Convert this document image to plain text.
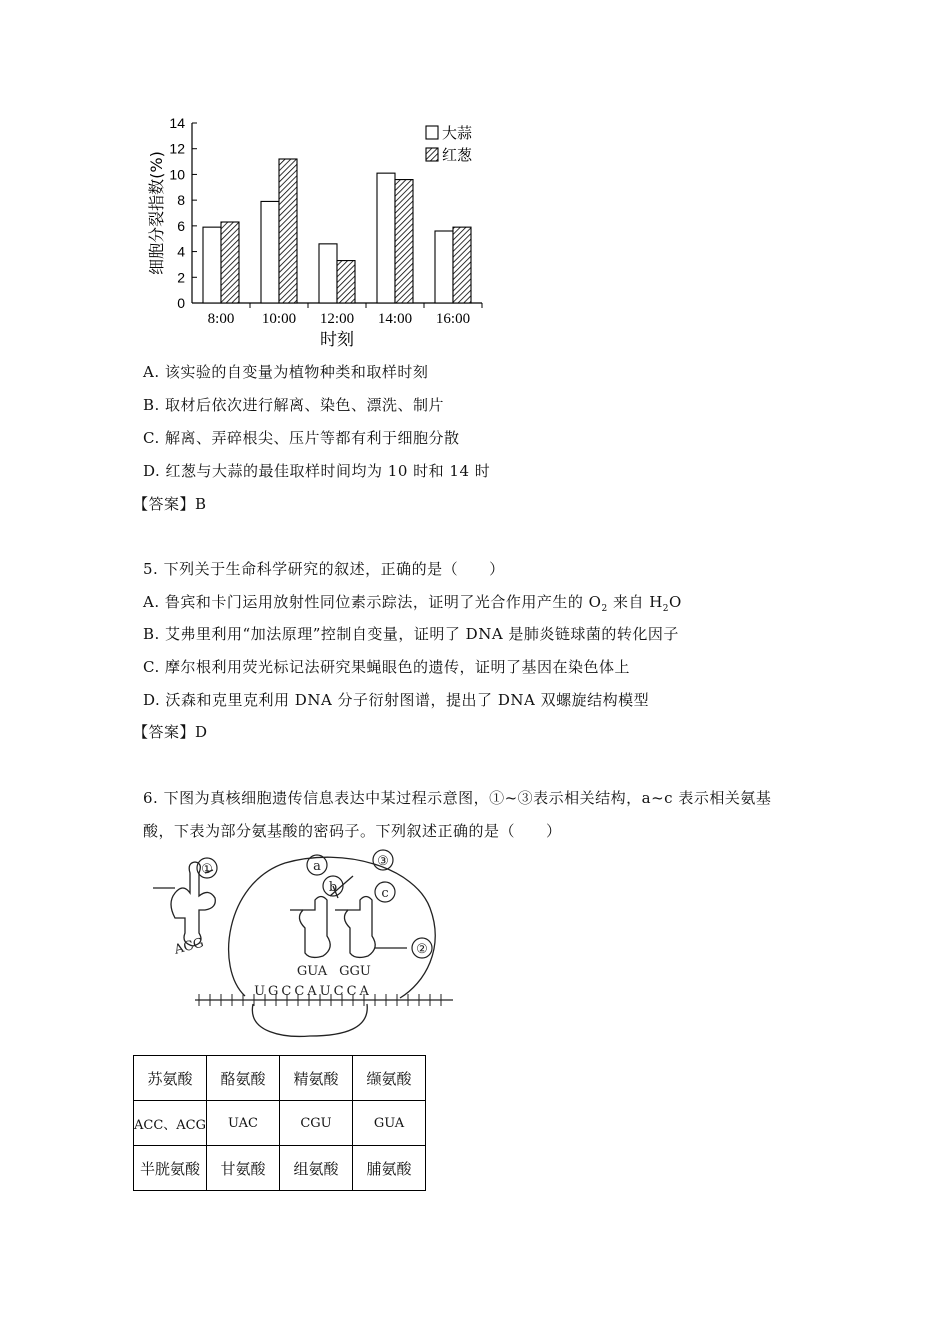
0
2
4
6
8
10
12
14
8:00 10:00 12:00 14:00 16:00
时刻
细胞分裂指数(%)
大蒜
红葱
A. 该实验的自变量为植物种类和取样时刻
B. 取材后依次进行解离、染色、漂洗、制片
C. 解离、弄碎根尖、压片等都有利于细胞分散
D. 红葱与大蒜的最佳取样时间均为 10 时和 14 时
【答案】B
5. 下列关于生命科学研究的叙述，正确的是（　　）
A. 鲁宾和卡门运用放射性同位素示踪法，证明了光合作用产生的 $O_2$ 来自 $H_2O$
B. 艾弗里利用“加法原理”控制自变量，证明了 DNA 是肺炎链球菌的转化因子
C. 摩尔根利用荧光标记法研究果蝇眼色的遗传，证明了基因在染色体上
D. 沃森和克里克利用 DNA 分子衍射图谱，提出了 DNA 双螺旋结构模型
【答案】D
6. 下图为真核细胞遗传信息表达中某过程示意图，①~③表示相关结构，a~c 表示相关氨基
酸，下表为部分氨基酸的密码子。下列叙述正确的是（　　）
①
②
③
a
b	c
ACG
GUA GGU
UGCCAUCCA
苏氨酸	酪氨酸	精氨酸	缬氨酸
ACC、ACG	UAC	CGU	GUA
半胱氨酸	甘氨酸	组氨酸	脯氨酸
